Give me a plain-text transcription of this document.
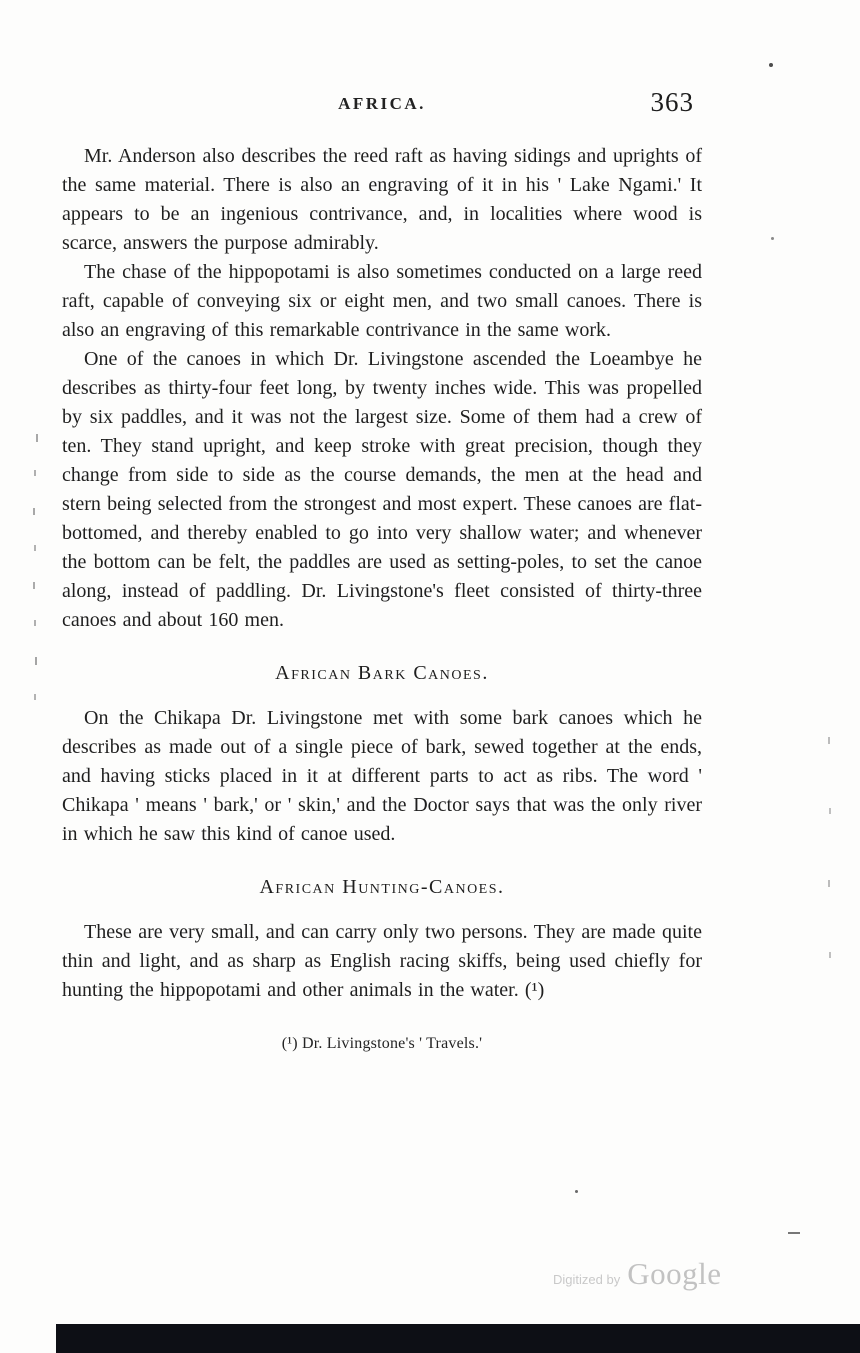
AFRICA.	363

Mr. Anderson also describes the reed raft as having sidings and uprights of the same material. There is also an engraving of it in his ' Lake Ngami.' It appears to be an ingenious contrivance, and, in localities where wood is scarce, answers the purpose admirably.

The chase of the hippopotami is also sometimes conducted on a large reed raft, capable of conveying six or eight men, and two small canoes. There is also an engraving of this remarkable contrivance in the same work.

One of the canoes in which Dr. Livingstone ascended the Loeambye he describes as thirty-four feet long, by twenty inches wide. This was propelled by six paddles, and it was not the largest size. Some of them had a crew of ten. They stand upright, and keep stroke with great precision, though they change from side to side as the course demands, the men at the head and stern being selected from the strongest and most expert. These canoes are flat-bottomed, and thereby enabled to go into very shallow water; and whenever the bottom can be felt, the paddles are used as setting-poles, to set the canoe along, instead of paddling. Dr. Livingstone's fleet consisted of thirty-three canoes and about 160 men.

African Bark Canoes.

On the Chikapa Dr. Livingstone met with some bark canoes which he describes as made out of a single piece of bark, sewed together at the ends, and having sticks placed in it at different parts to act as ribs. The word ' Chikapa ' means ' bark,' or ' skin,' and the Doctor says that was the only river in which he saw this kind of canoe used.

African Hunting-Canoes.

These are very small, and can carry only two persons. They are made quite thin and light, and as sharp as English racing skiffs, being used chiefly for hunting the hippopotami and other animals in the water. (¹)

(¹) Dr. Livingstone's ' Travels.'
Digitized by Google
